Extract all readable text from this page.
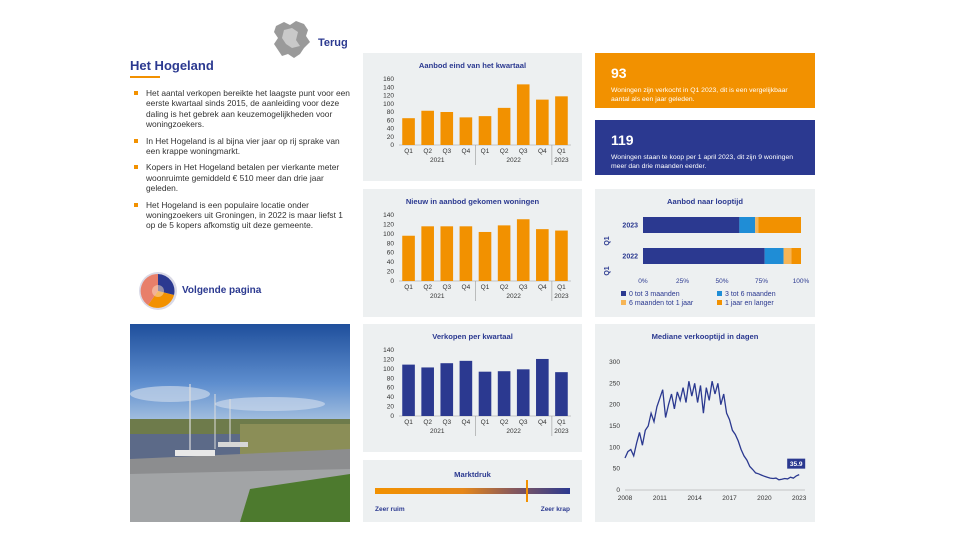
Terug
Het Hogeland
Het aantal verkopen bereikte het laagste punt voor een eerste kwartaal sinds 2015, de aanleiding voor deze daling is het gebrek aan keuzemogelijkheden voor woningzoekers.
In Het Hogeland is al bijna vier jaar op rij sprake van een krappe woningmarkt.
Kopers in Het Hogeland betalen per vierkante meter woonruimte gemiddeld € 510 meer dan drie jaar geleden.
Het Hogeland is een populaire locatie onder woningzoekers uit Groningen, in 2022 is maar liefst 1 op de 5 kopers afkomstig uit deze gemeente.
Volgende pagina
Aanbod eind van het kwartaal
0
20
40
60
80
100
120
140
160
Q1 Q2 Q3 Q4 Q1 Q2 Q3 Q4 Q1
2021	2022	2023
Nieuw in aanbod gekomen woningen
0
20
40
60
80
100
120
140
Q1 Q2 Q3 Q4 Q1 Q2 Q3 Q4 Q1
2021	2022	2023
Verkopen per kwartaal
0
20
40
60
80
100
120
140
Q1 Q2 Q3 Q4 Q1 Q2 Q3 Q4 Q1
2021	2022	2023
Marktdruk
Zeer ruim	Zeer krap
93
Woningen zijn verkocht in Q1 2023, dit is een vergelijkbaar aantal als een jaar geleden.
119
Woningen staan te koop per 1 april 2023, dit zijn 9 woningen meer dan drie maanden eerder.
Aanbod naar looptijd
Q1
Q1
2023
2022
0%	25%	50%	75%	100%
0 tot 3 maanden	3 tot 6 maanden
6 maanden tot 1 jaar	1 jaar en langer
Mediane verkooptijd in dagen
0
50
100
150
200
250
300
2008	2011	2014	2017	2020	2023
35.9
